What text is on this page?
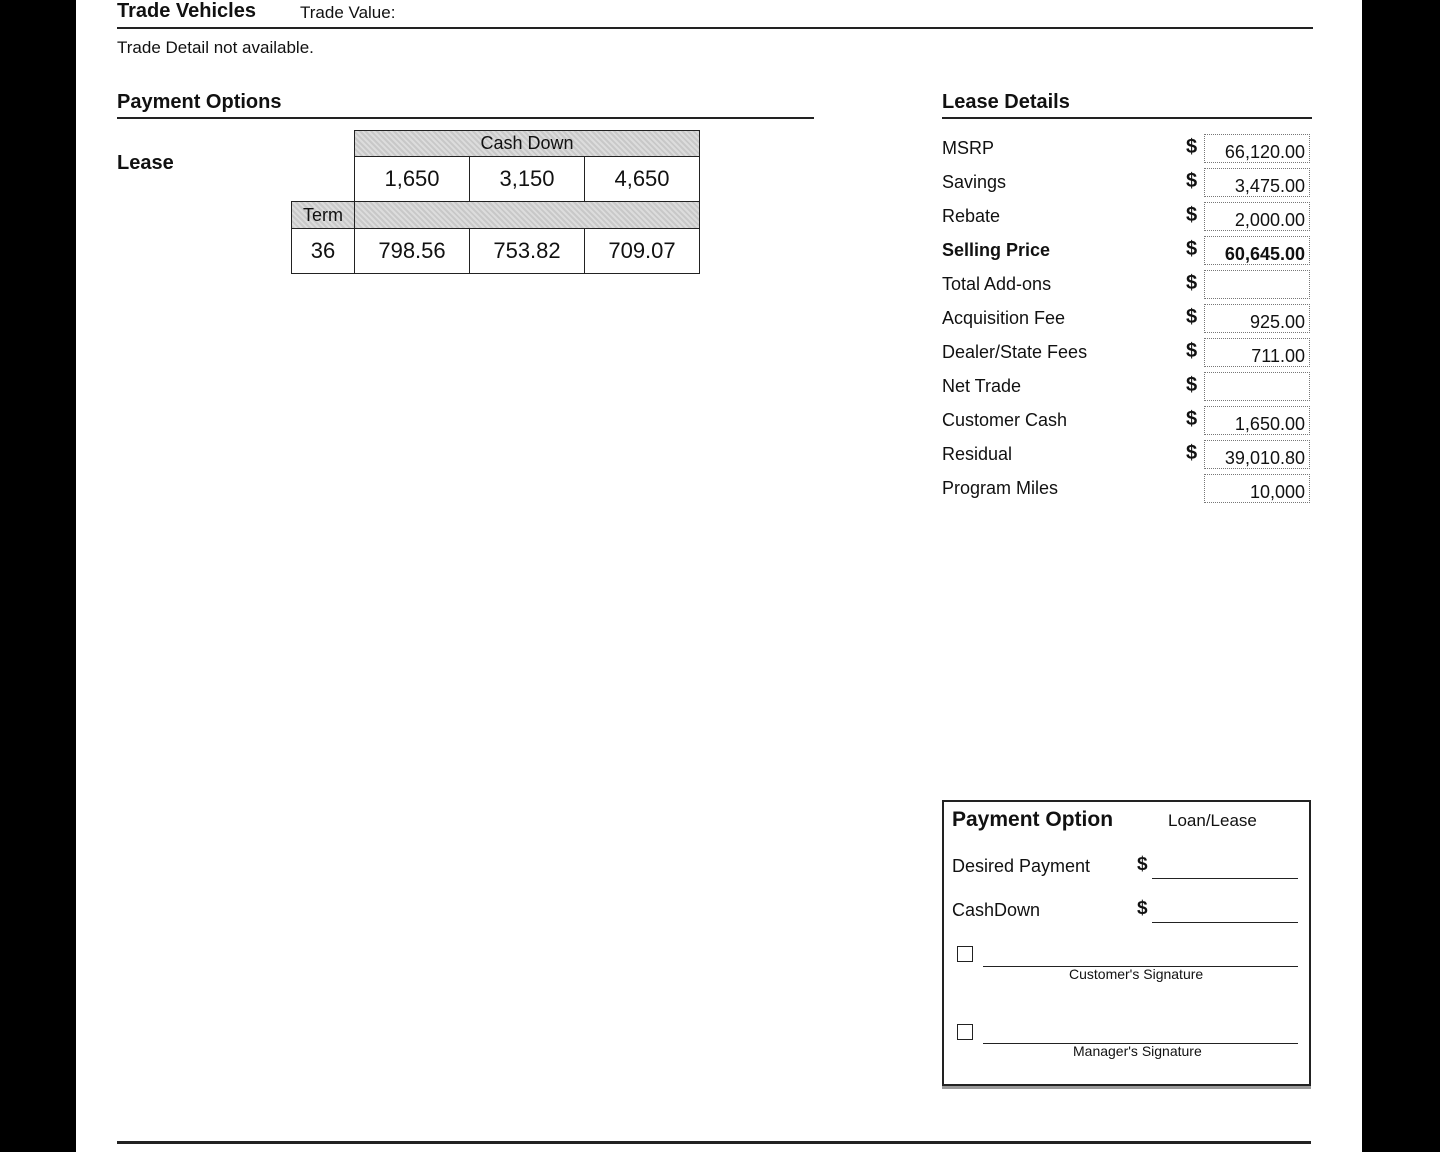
Trade Vehicles	Trade Value:
Trade Detail not available.
Payment Options
Lease
Cash Down
1,650	3,150	4,650
Term
36	798.56	753.82	709.07
Lease Details
MSRP	$	66,120.00
Savings	$	3,475.00
Rebate	$	2,000.00
Selling Price	$	60,645.00
Total Add-ons	$
Acquisition Fee	$	925.00
Dealer/State Fees	$	711.00
Net Trade	$
Customer Cash	$	1,650.00
Residual	$	39,010.80
Program Miles	10,000
Payment Option	Loan/Lease
Desired Payment $
CashDown	$
Customer's Signature
Manager's Signature
